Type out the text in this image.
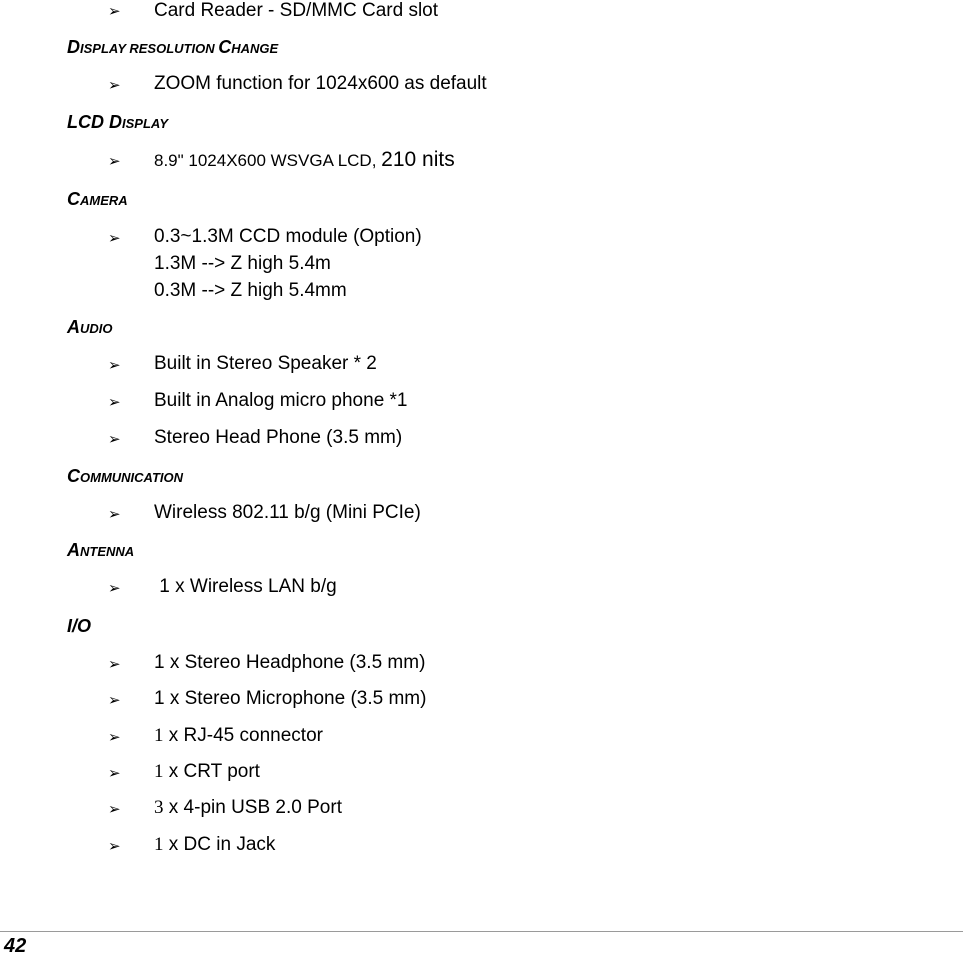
➢ Card Reader - SD/MMC Card slot
DISPLAY RESOLUTION CHANGE
➢ ZOOM function for 1024x600 as default
LCD DISPLAY
➢ 8.9" 1024X600 WSVGA LCD, 210 nits
CAMERA
➢ 0.3~1.3M CCD module (Option)
1.3M --> Z high 5.4m
0.3M --> Z high 5.4mm
AUDIO
➢ Built in Stereo Speaker * 2
➢ Built in Analog micro phone *1
➢ Stereo Head Phone (3.5 mm)
COMMUNICATION
➢ Wireless 802.11 b/g (Mini PCIe)
ANTENNA
➢ 1 x Wireless LAN b/g
I/O
➢ 1 x Stereo Headphone (3.5 mm)
➢ 1 x Stereo Microphone (3.5 mm)
➢ 1 x RJ-45 connector
➢ 1 x CRT port
➢ 3 x 4-pin USB 2.0 Port
➢ 1 x DC in Jack
42
